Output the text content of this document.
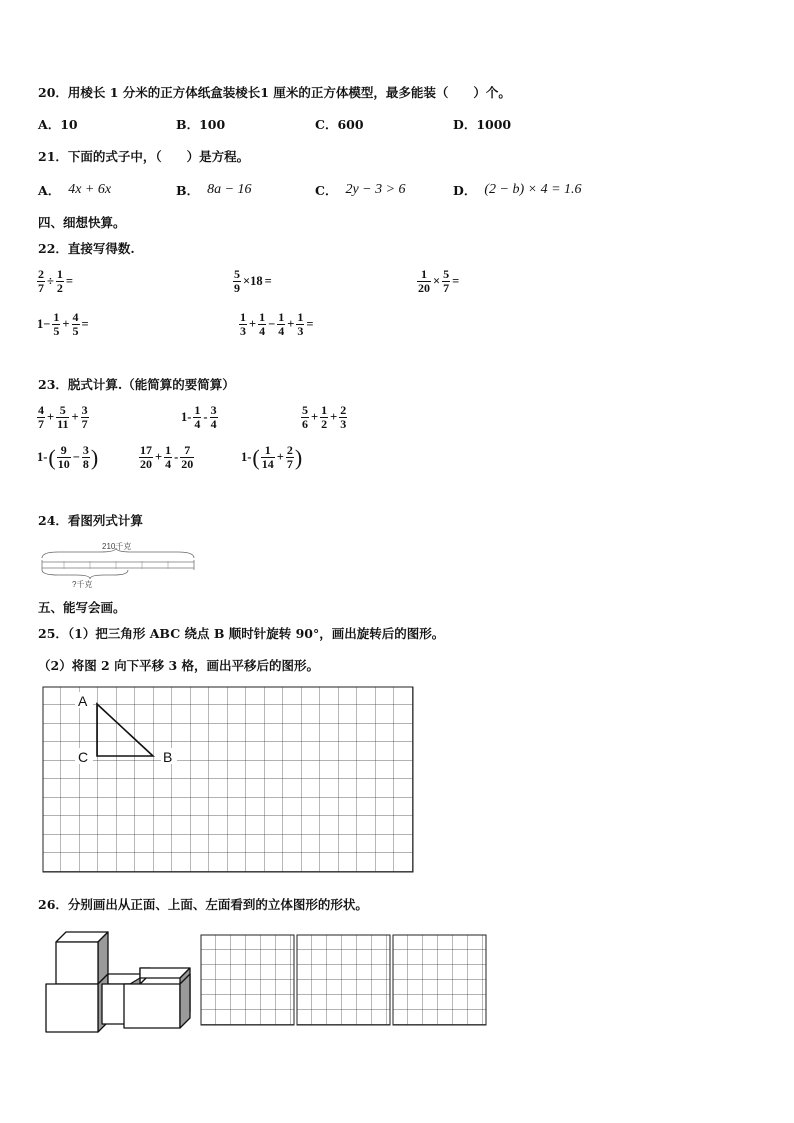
20．用棱长 1 分米的正方体纸盒装棱长1 厘米的正方体模型，最多能装（　　）个。
A．10	B．100	C．600	D．1000
21．下面的式子中，（　　）是方程。
A． 4x + 6x	B． 8a − 16	C． 2y − 3 > 6	D． (2 − b) × 4 = 1.6
四、细想快算。
22．直接写得数.
$\frac{2}{7} \div \frac{1}{2}$ =	$\frac{5}{9} \times 18$ =	$\frac{1}{20} \times \frac{5}{7}$ =
$1- \frac{1}{5} + \frac{4}{5}$ =	$\frac{1}{3} + \frac{1}{4} - \frac{1}{4} + \frac{1}{3}$ =
23．脱式计算.（能简算的要简算）
$\frac{4}{7} + \frac{5}{11} + \frac{3}{7}$	$1- \frac{1}{4} - \frac{3}{4}$	$\frac{5}{6} + \frac{1}{2} + \frac{2}{3}$
1- ( $\frac{9}{10} - \frac{3}{8}$ )	$\frac{17}{20} + \frac{1}{4} - \frac{7}{20}$	1- ( $\frac{1}{14} + \frac{2}{7}$ )
24．看图列式计算
210千克
?千克
五、能写会画。
25．（1）把三角形 ABC 绕点 B 顺时针旋转 90°，画出旋转后的图形。
（2）将图 2 向下平移 3 格，画出平移后的图形。
A
C	B
26．分别画出从正面、上面、左面看到的立体图形的形状。
